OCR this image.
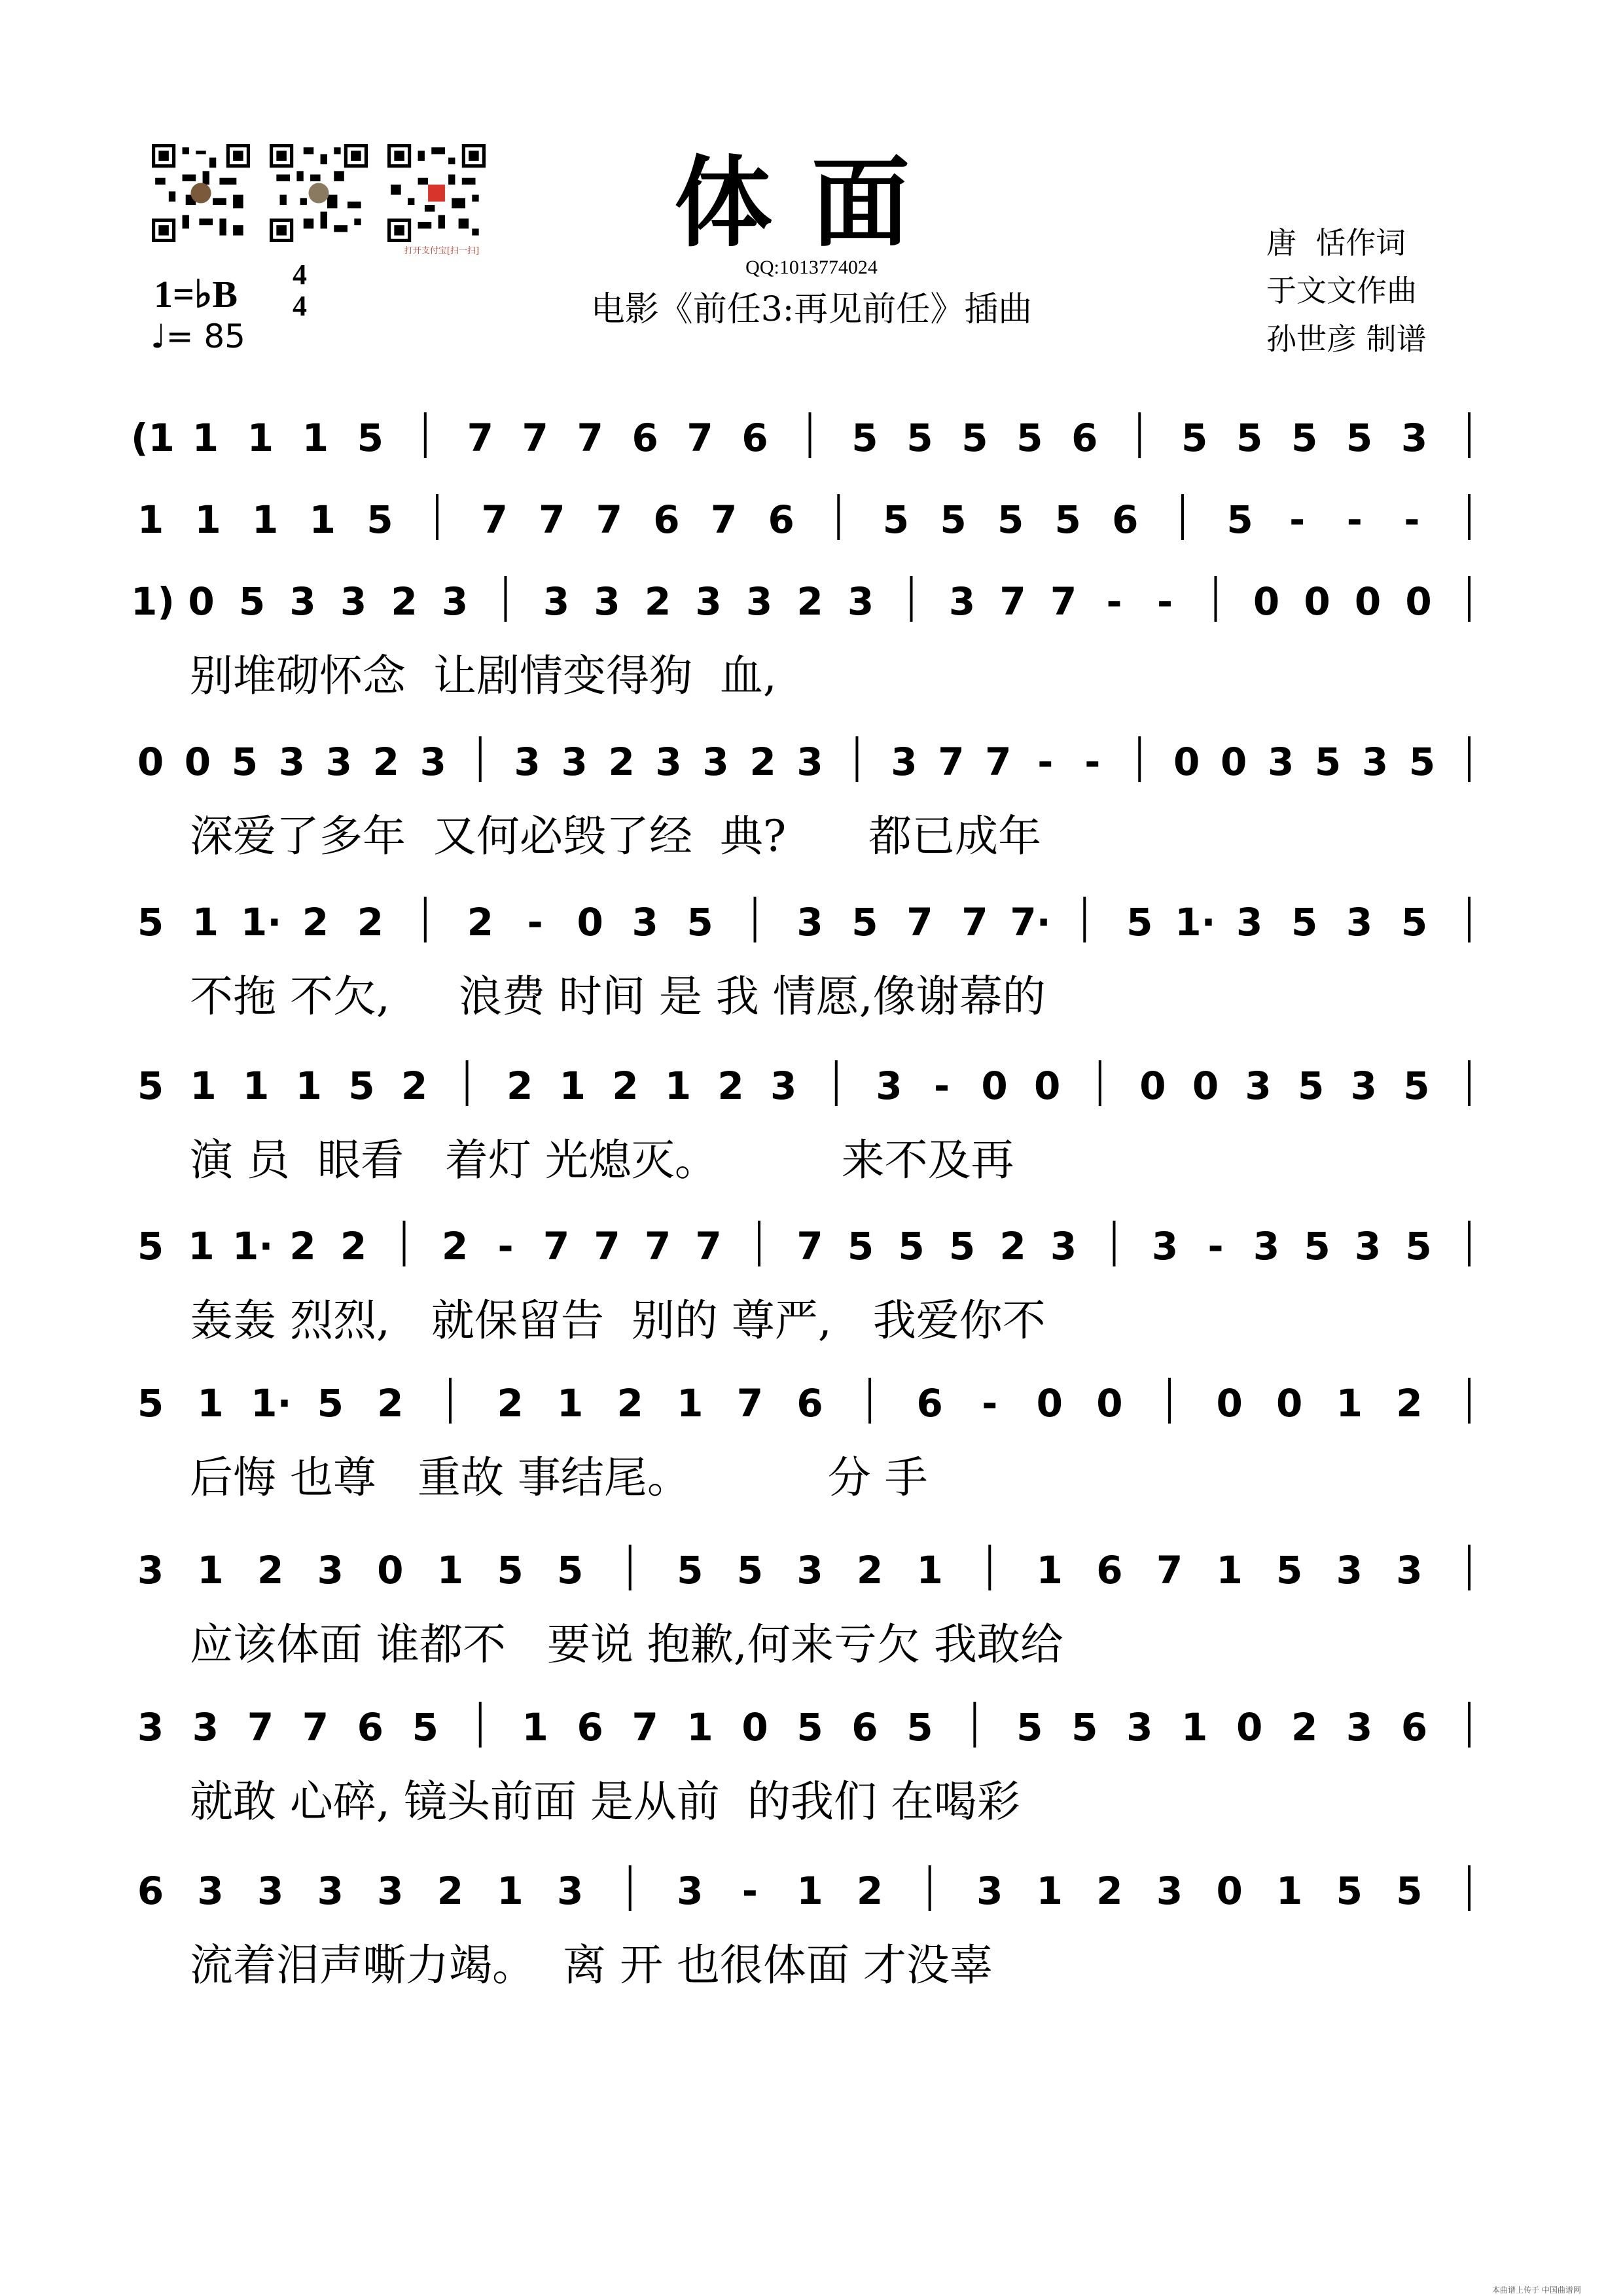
打开支付宝[扫一扫]	体面
QQ:1013774024
电影《前任3:再见前任》插曲
唐  恬作词
于文文作曲
孙世彦 制谱
1=♭B 4
4
♩= 85
(1 1 1 1 5 7 7 7 6 7 6 5 5 5 5 6 5 5 5 5 3
1 1 1 1 5 7 7 7 6 7 6 5 5 5 5 6 5 -	-	-
1) 0 5 3 3 2 3 3 3 2 3 3 2 3 3 7 7 - -	0 0 0 0
别堆砌怀念  让剧情变得狗  血,
0 0 5 3 3 2 3 3 3 2 3 3 2 3 3 7 7 - -	0 0 3 5 3 5
深爱了多年  又何必毁了经  典?      都已成年
5 1 1· 2 2 2 - 0 3 5 3 5 7 7 7· 5 1· 3 5 3 5
不拖 不欠,     浪费 时间 是 我 情愿,像谢幕的
5 1 1 1 5 2 2 1 2 1 2 3 3 - 0 0 0 0 3 5 3 5
演 员  眼看   着灯 光熄灭。         来不及再
5 1 1· 2 2 2 - 7 7 7 7 7 5 5 5 2 3 3 - 3 5 3 5
轰轰 烈烈,   就保留告  别的 尊严,   我爱你不
5 1 1· 5 2 2 1 2 1 7 6 6	-	0 0 0 0 1 2
后悔 也尊   重故 事结尾。          分 手
3 1 2 3 0 1 5 5 5 5 3 2 1 1 6 7 1 5 3 3
应该体面 谁都不   要说 抱歉,何来亏欠 我敢给
3 3 7 7 6 5 1 6 7 1 0 5 6 5 5 5 3 1 0 2 3 6
就敢 心碎, 镜头前面 是从前  的我们 在喝彩
6 3 3 3 3 2 1 3 3	-	1 2 3 1 2 3 0 1 5 5
流着泪声嘶力竭。  离 开 也很体面 才没辜
本曲谱上传于 中国曲谱网
